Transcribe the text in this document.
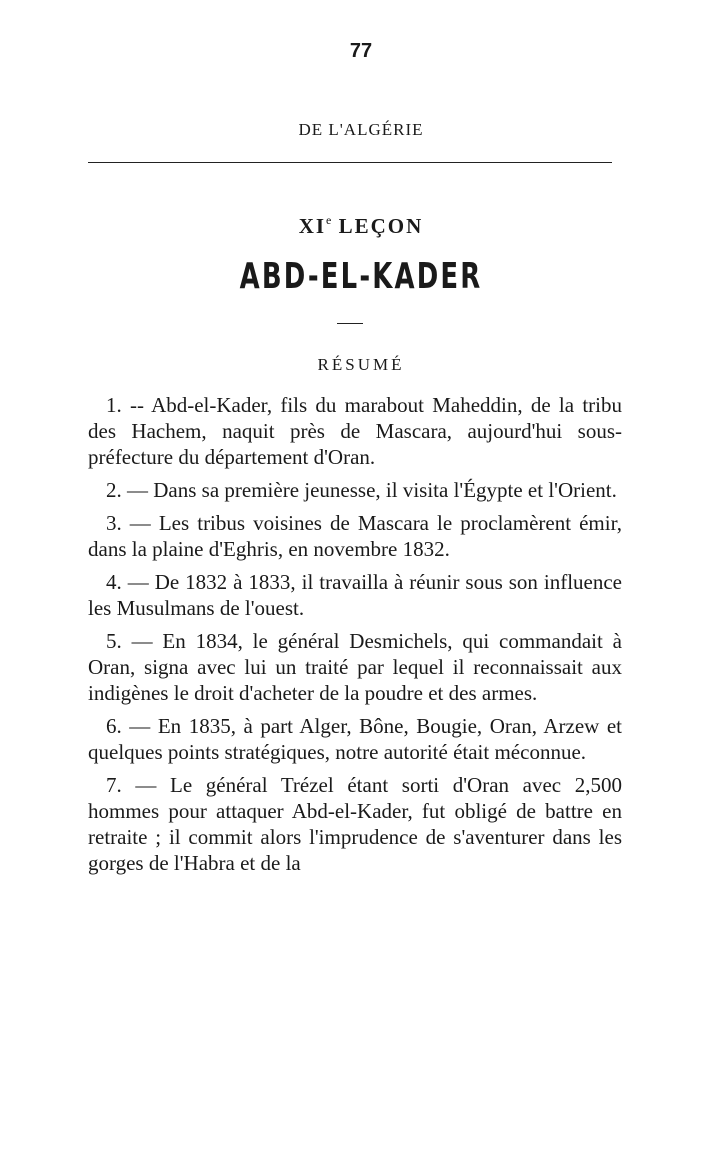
77
DE L'ALGÉRIE
XIe LEÇON
ABD-EL-KADER
RÉSUMÉ

1. -- Abd-el-Kader, fils du marabout Maheddin, de la tribu des Hachem, naquit près de Mascara, aujourd'hui sous-préfecture du département d'Oran.

2. — Dans sa première jeunesse, il visita l'Égypte et l'Orient.

3. — Les tribus voisines de Mascara le proclamèrent émir, dans la plaine d'Eghris, en novembre 1832.

4. — De 1832 à 1833, il travailla à réunir sous son influence les Musulmans de l'ouest.

5. — En 1834, le général Desmichels, qui commandait à Oran, signa avec lui un traité par lequel il reconnaissait aux indigènes le droit d'acheter de la poudre et des armes.

6. — En 1835, à part Alger, Bône, Bougie, Oran, Arzew et quelques points stratégiques, notre autorité était méconnue.

7. — Le général Trézel étant sorti d'Oran avec 2,500 hommes pour attaquer Abd-el-Kader, fut obligé de battre en retraite ; il commit alors l'imprudence de s'aventurer dans les gorges de l'Habra et de la
